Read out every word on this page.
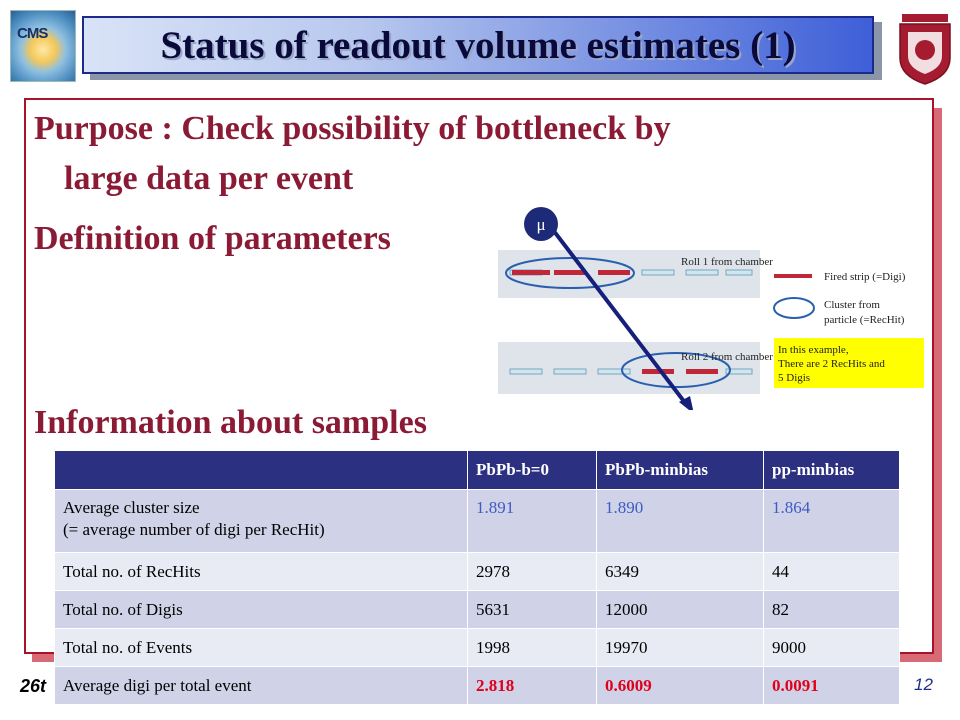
CMS	Status of readout volume estimates (1)
Purpose : Check possibility of bottleneck by
large data per event
Definition of parameters
Information about samples
Roll 1 from chamber
Roll 2 from chamber
μ
Fired strip (=Digi)
Cluster from
particle (=RecHit)
In this example,
There are 2 RecHits and
5 Digis
26t	12
	PbPb-b=0	PbPb-minbias	pp-minbias
Average cluster size
(= average number of digi per RecHit)	1.891	1.890	1.864
Total no. of RecHits	2978	6349	44
Total no. of Digis	5631	12000	82
Total no. of Events	1998	19970	9000
Average digi per total event	2.818	0.6009	0.0091
